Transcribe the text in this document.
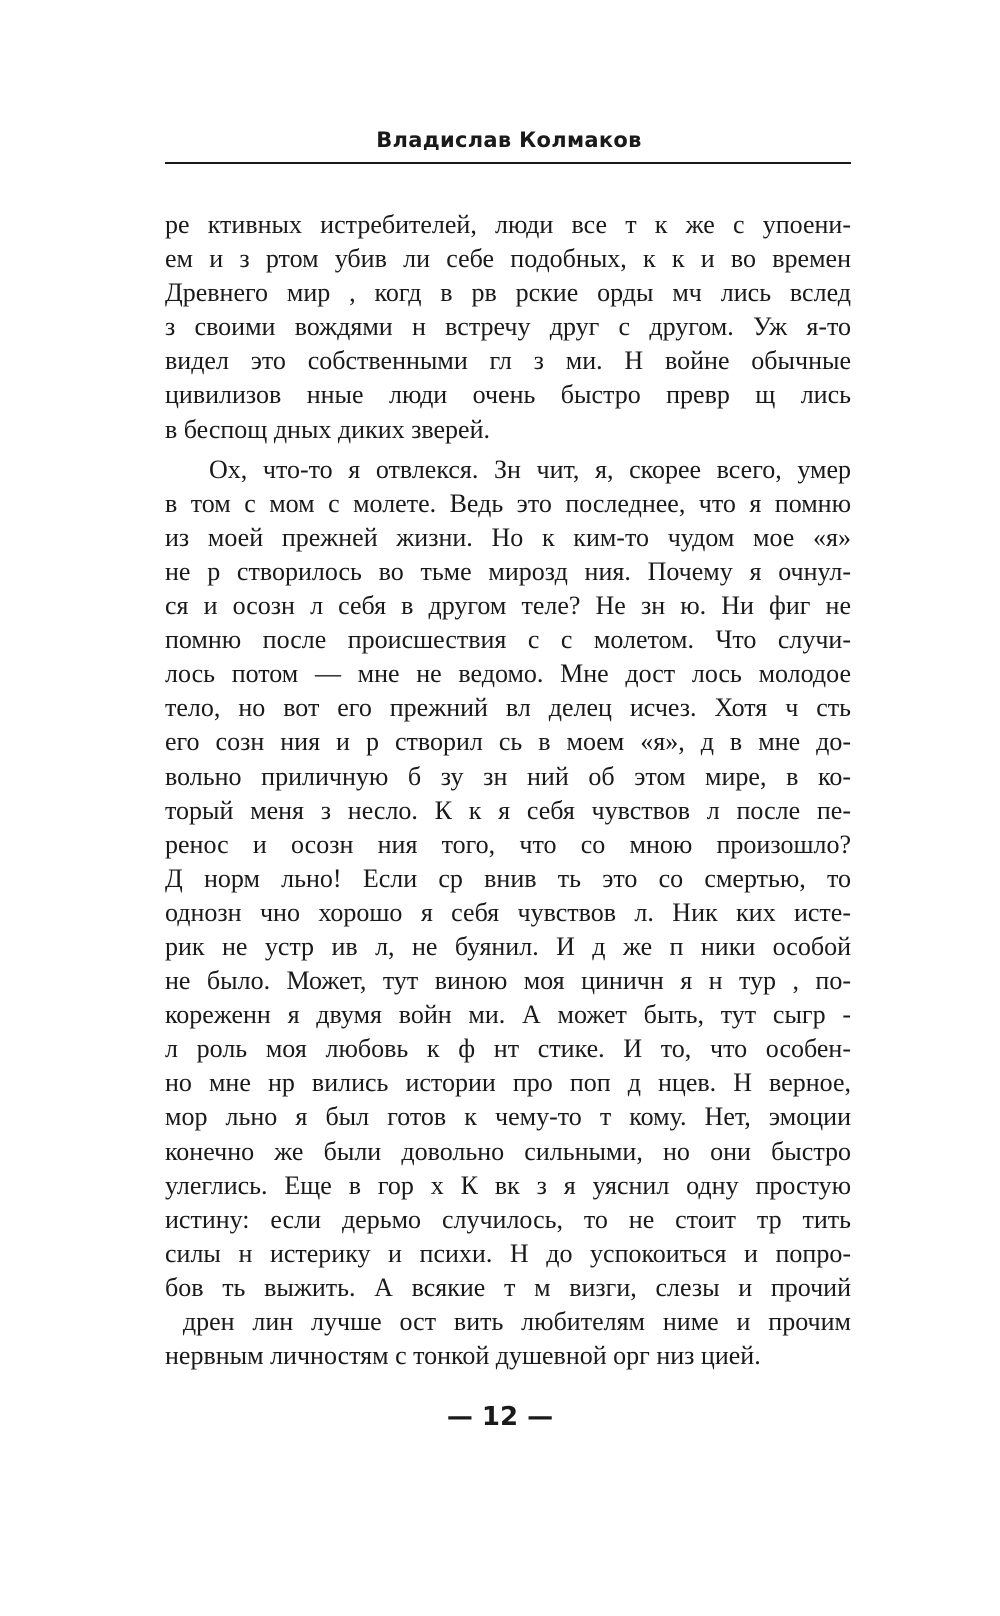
Владислав Колмаков
ре ктивных истребителей, люди все т к же с упоени-
ем и з ртом убив ли себе подобных, к к и во времен
Древнего мир , когд в рв рские орды мч лись вслед
з своими вождями н встречу друг с другом. Уж я-то
видел это собственными гл з ми. Н войне обычные
цивилизов нные люди очень быстро превр щ лись
в беспощ дных диких зверей.
Ох, что-то я отвлекся. Зн чит, я, скорее всего, умер
в том с мом с молете. Ведь это последнее, что я помню
из моей прежней жизни. Но к ким-то чудом мое «я»
не р створилось во тьме мирозд ния. Почему я очнул-
ся и осозн л себя в другом теле? Не зн ю. Ни фиг не
помню после происшествия с с молетом. Что случи-
лось потом — мне не ведомо. Мне дост лось молодое
тело, но вот его прежний вл делец исчез. Хотя ч сть
его созн ния и р створил сь в моем «я», д в мне до-
вольно приличную б зу зн ний об этом мире, в ко-
торый меня з несло. К к я себя чувствов л после пе-
ренос и осозн ния того, что со мною произошло?
Д норм льно! Если ср внив ть это со смертью, то
однозн чно хорошо я себя чувствов л. Ник ких исте-
рик не устр ив л, не буянил. И д же п ники особой
не было. Может, тут виною моя циничн я н тур , по-
кореженн я двумя войн ми. А может быть, тут сыгр -
л роль моя любовь к ф нт стике. И то, что особен-
но мне нр вились истории про поп д нцев. Н верное,
мор льно я был готов к чему-то т кому. Нет, эмоции
конечно же были довольно сильными, но они быстро
улеглись. Еще в гор х К вк з я уяснил одну простую
истину: если дерьмо случилось, то не стоит тр тить
силы н истерику и психи. Н до успокоиться и попро-
бов ть выжить. А всякие т м визги, слезы и прочий
дрен лин лучше ост вить любителям ниме и прочим
нервным личностям с тонкой душевной орг низ цией.
— 12 —
